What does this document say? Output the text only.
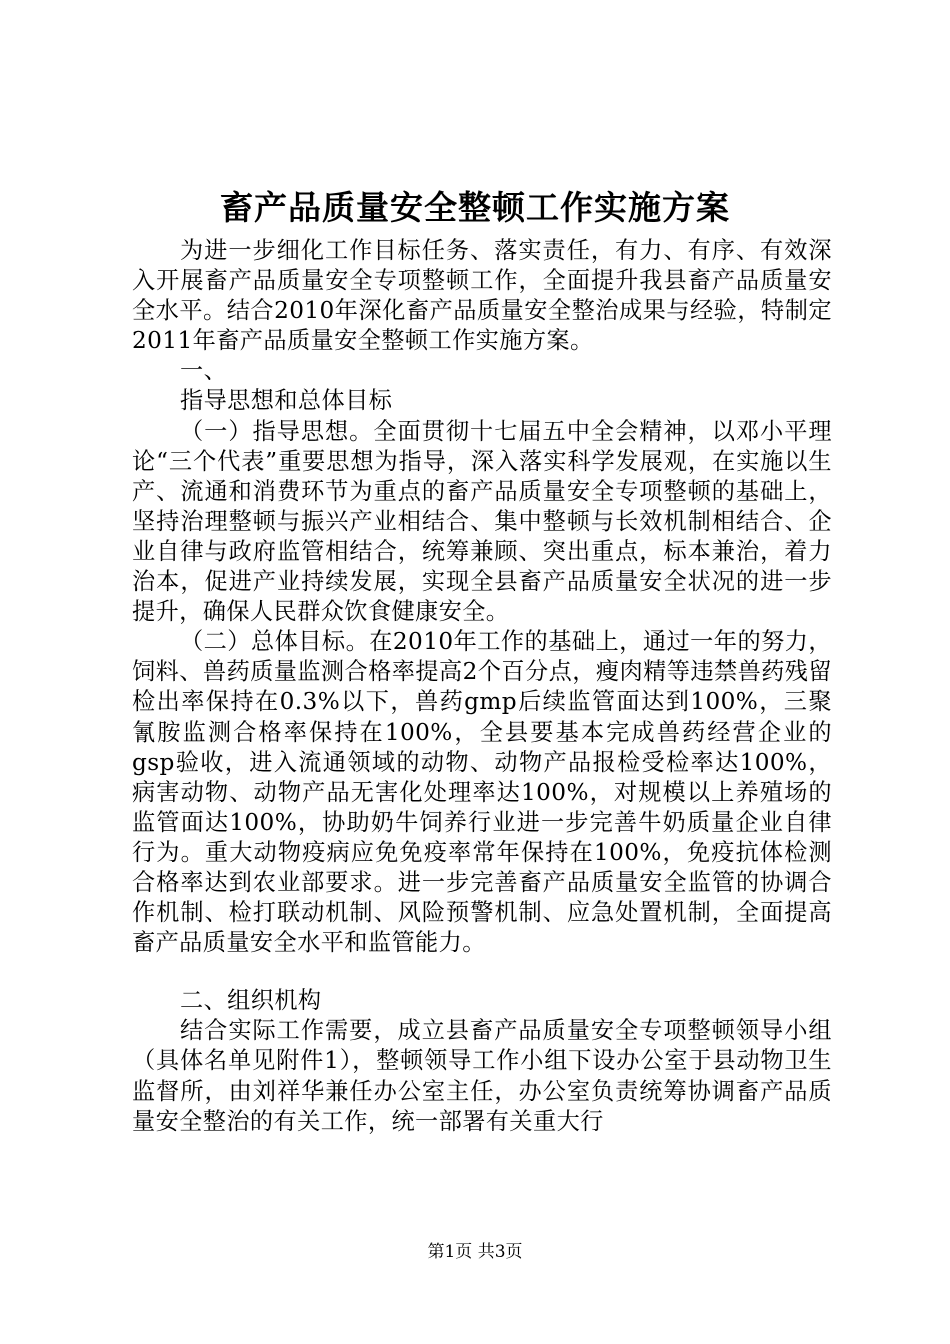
畜产品质量安全整顿工作实施方案

为进一步细化工作目标任务、落实责任，有力、有序、有效深入开展畜产品质量安全专项整顿工作，全面提升我县畜产品质量安全水平。结合2010年深化畜产品质量安全整治成果与经验，特制定2011年畜产品质量安全整顿工作实施方案。

一、

指导思想和总体目标

（一）指导思想。全面贯彻十七届五中全会精神，以邓小平理论“三个代表”重要思想为指导，深入落实科学发展观，在实施以生产、流通和消费环节为重点的畜产品质量安全专项整顿的基础上，坚持治理整顿与振兴产业相结合、集中整顿与长效机制相结合、企业自律与政府监管相结合，统筹兼顾、突出重点，标本兼治，着力治本，促进产业持续发展，实现全县畜产品质量安全状况的进一步提升，确保人民群众饮食健康安全。

（二）总体目标。在2010年工作的基础上，通过一年的努力，饲料、兽药质量监测合格率提高2个百分点，瘦肉精等违禁兽药残留检出率保持在0.3%以下，兽药gmp后续监管面达到100%，三聚氰胺监测合格率保持在100%，全县要基本完成兽药经营企业的gsp验收，进入流通领域的动物、动物产品报检受检率达100%，病害动物、动物产品无害化处理率达100%，对规模以上养殖场的监管面达100%，协助奶牛饲养行业进一步完善牛奶质量企业自律行为。重大动物疫病应免免疫率常年保持在100%，免疫抗体检测合格率达到农业部要求。进一步完善畜产品质量安全监管的协调合作机制、检打联动机制、风险预警机制、应急处置机制，全面提高畜产品质量安全水平和监管能力。

二、组织机构

结合实际工作需要，成立县畜产品质量安全专项整顿领导小组（具体名单见附件1），整顿领导工作小组下设办公室于县动物卫生监督所，由刘祥华兼任办公室主任，办公室负责统筹协调畜产品质量安全整治的有关工作，统一部署有关重大行

第1页 共3页
